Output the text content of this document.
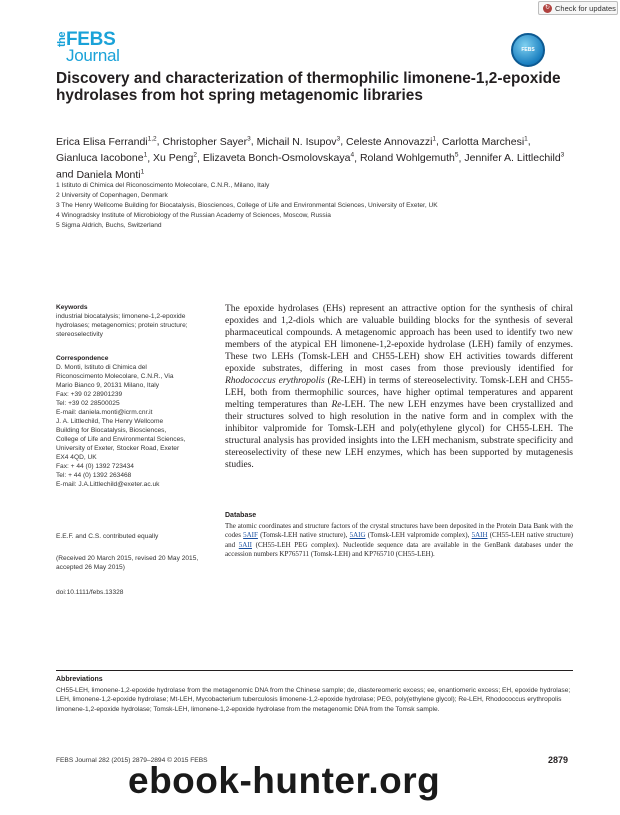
↻ Check for updates
the
FEBS
Journal	FEBS
Discovery and characterization of thermophilic limonene-1,2-epoxide hydrolases from hot spring metagenomic libraries
Erica Elisa Ferrandi$^{1,2}$, Christopher Sayer$^3$, Michail N. Isupov$^3$, Celeste Annovazzi$^1$, Carlotta Marchesi$^1$, Gianluca Iacobone$^1$, Xu Peng$^2$, Elizaveta Bonch-Osmolovskaya$^4$, Roland Wohlgemuth$^5$, Jennifer A. Littlechild$^3$ and Daniela Monti$^1$
1 Istituto di Chimica del Riconoscimento Molecolare, C.N.R., Milano, Italy
2 University of Copenhagen, Denmark
3 The Henry Wellcome Building for Biocatalysis, Biosciences, College of Life and Environmental Sciences, University of Exeter, UK
4 Winogradsky Institute of Microbiology of the Russian Academy of Sciences, Moscow, Russia
5 Sigma Aldrich, Buchs, Switzerland
Keywords
industrial biocatalysis; limonene-1,2-epoxide hydrolases; metagenomics; protein structure; stereoselectivity
Correspondence
D. Monti, Istituto di Chimica del
Riconoscimento Molecolare, C.N.R., Via
Mario Bianco 9, 20131 Milano, Italy
Fax: +39 02 28901239
Tel: +39 02 28500025
E-mail: daniela.monti@icrm.cnr.it
J. A. Littlechild, The Henry Wellcome
Building for Biocatalysis, Biosciences,
College of Life and Environmental Sciences,
University of Exeter, Stocker Road, Exeter
EX4 4QD, UK
Fax: + 44 (0) 1392 723434
Tel: + 44 (0) 1392 263468
E-mail: J.A.Littlechild@exeter.ac.uk
E.E.F. and C.S. contributed equally
(Received 20 March 2015, revised 20 May 2015, accepted 26 May 2015)
doi:10.1111/febs.13328
The epoxide hydrolases (EHs) represent an attractive option for the synthesis of chiral epoxides and 1,2-diols which are valuable building blocks for the synthesis of several pharmaceutical compounds. A metagenomic approach has been used to identify two new members of the atypical EH limonene-1,2-epoxide hydrolase (LEH) family of enzymes. These two LEHs (Tomsk-LEH and CH55-LEH) show EH activities towards different epoxide substrates, differing in most cases from those previously identified for Rhodococcus erythropolis (Re-LEH) in terms of stereoselectivity. Tomsk-LEH and CH55-LEH, both from thermophilic sources, have higher optimal temperatures and apparent melting temperatures than Re-LEH. The new LEH enzymes have been crystallized and their structures solved to high resolution in the native form and in complex with the inhibitor valpromide for Tomsk-LEH and poly(ethylene glycol) for CH55-LEH. The structural analysis has provided insights into the LEH mechanism, substrate specificity and stereoselectivity of these new LEH enzymes, which has been supported by mutagenesis studies.
Database
The atomic coordinates and structure factors of the crystal structures have been deposited in the Protein Data Bank with the codes 5AIF (Tomsk-LEH native structure), 5AIG (Tomsk-LEH valpromide complex), 5AIH (CH55-LEH native structure) and 5AII (CH55-LEH PEG complex). Nucleotide sequence data are available in the GenBank databases under the accession numbers KP765711 (Tomsk-LEH) and KP765710 (CH55-LEH).
Abbreviations
CH55-LEH, limonene-1,2-epoxide hydrolase from the metagenomic DNA from the Chinese sample; de, diastereomeric excess; ee, enantiomeric excess; EH, epoxide hydrolase; LEH, limonene-1,2-epoxide hydrolase; Mt-LEH, Mycobacterium tuberculosis limonene-1,2-epoxide hydrolase; PEG, poly(ethylene glycol); Re-LEH, Rhodococcus erythropolis limonene-1,2-epoxide hydrolase; Tomsk-LEH, limonene-1,2-epoxide hydrolase from the metagenomic DNA from the Tomsk sample.
FEBS Journal 282 (2015) 2879–2894 © 2015 FEBS	2879
ebook-hunter.org
